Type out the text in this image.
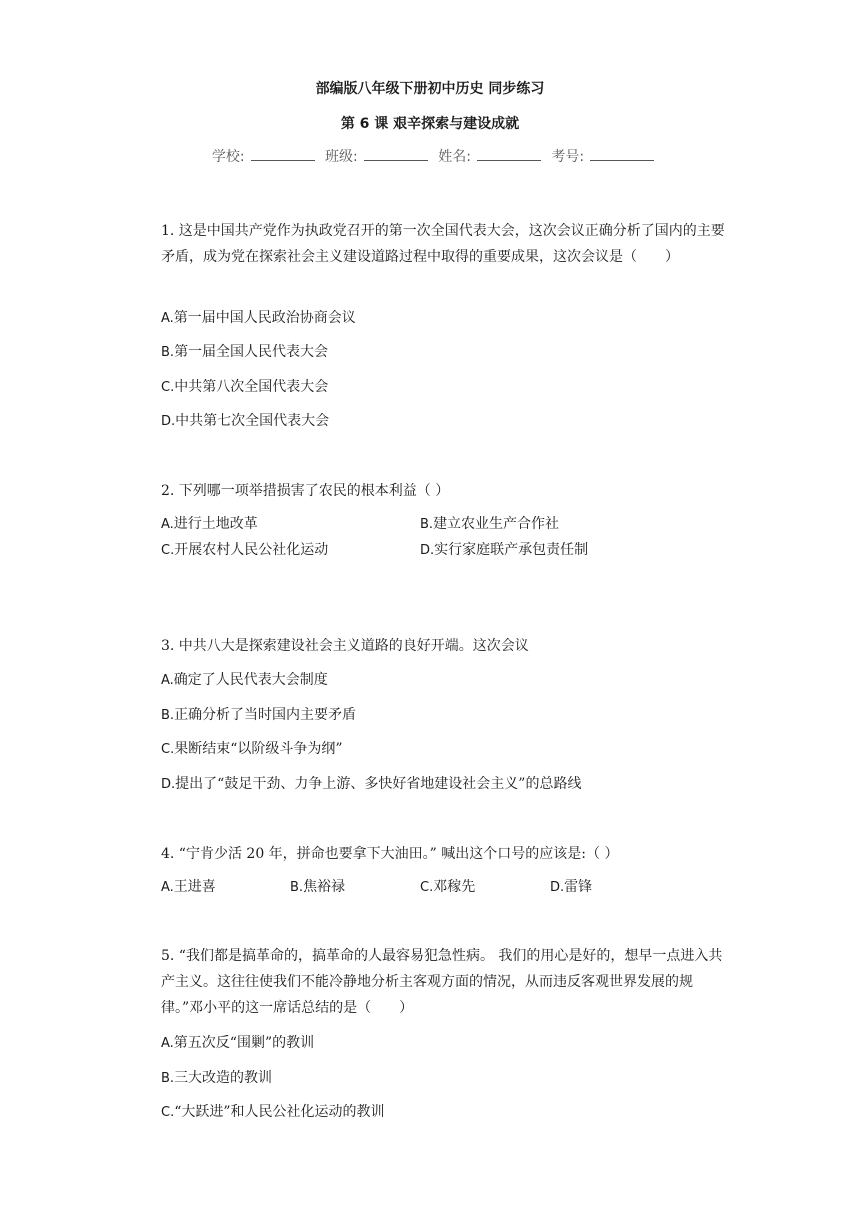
部编版八年级下册初中历史 同步练习
第 6 课 艰辛探索与建设成就
学校:	班级:	姓名:	考号:
1. 这是中国共产党作为执政党召开的第一次全国代表大会，这次会议正确分析了国内的主要矛盾，成为党在探索社会主义建设道路过程中取得的重要成果，这次会议是（　　）
A.第一届中国人民政治协商会议
B.第一届全国人民代表大会
C.中共第八次全国代表大会
D.中共第七次全国代表大会
2. 下列哪一项举措损害了农民的根本利益（ ）
A.进行土地改革	B.建立农业生产合作社
C.开展农村人民公社化运动	D.实行家庭联产承包责任制
3. 中共八大是探索建设社会主义道路的良好开端。这次会议
A.确定了人民代表大会制度
B.正确分析了当时国内主要矛盾
C.果断结束“以阶级斗争为纲”
D.提出了“鼓足干劲、力争上游、多快好省地建设社会主义”的总路线
4. “宁肯少活 20 年，拼命也要拿下大油田。” 喊出这个口号的应该是:（ ）
A.王进喜	B.焦裕禄	C.邓稼先	D.雷锋
5. “我们都是搞革命的，搞革命的人最容易犯急性病。 我们的用心是好的，想早一点进入共产主义。这往往使我们不能冷静地分析主客观方面的情况，从而违反客观世界发展的规律。”邓小平的这一席话总结的是（　　）
A.第五次反“围剿”的教训
B.三大改造的教训
C.“大跃进”和人民公社化运动的教训
